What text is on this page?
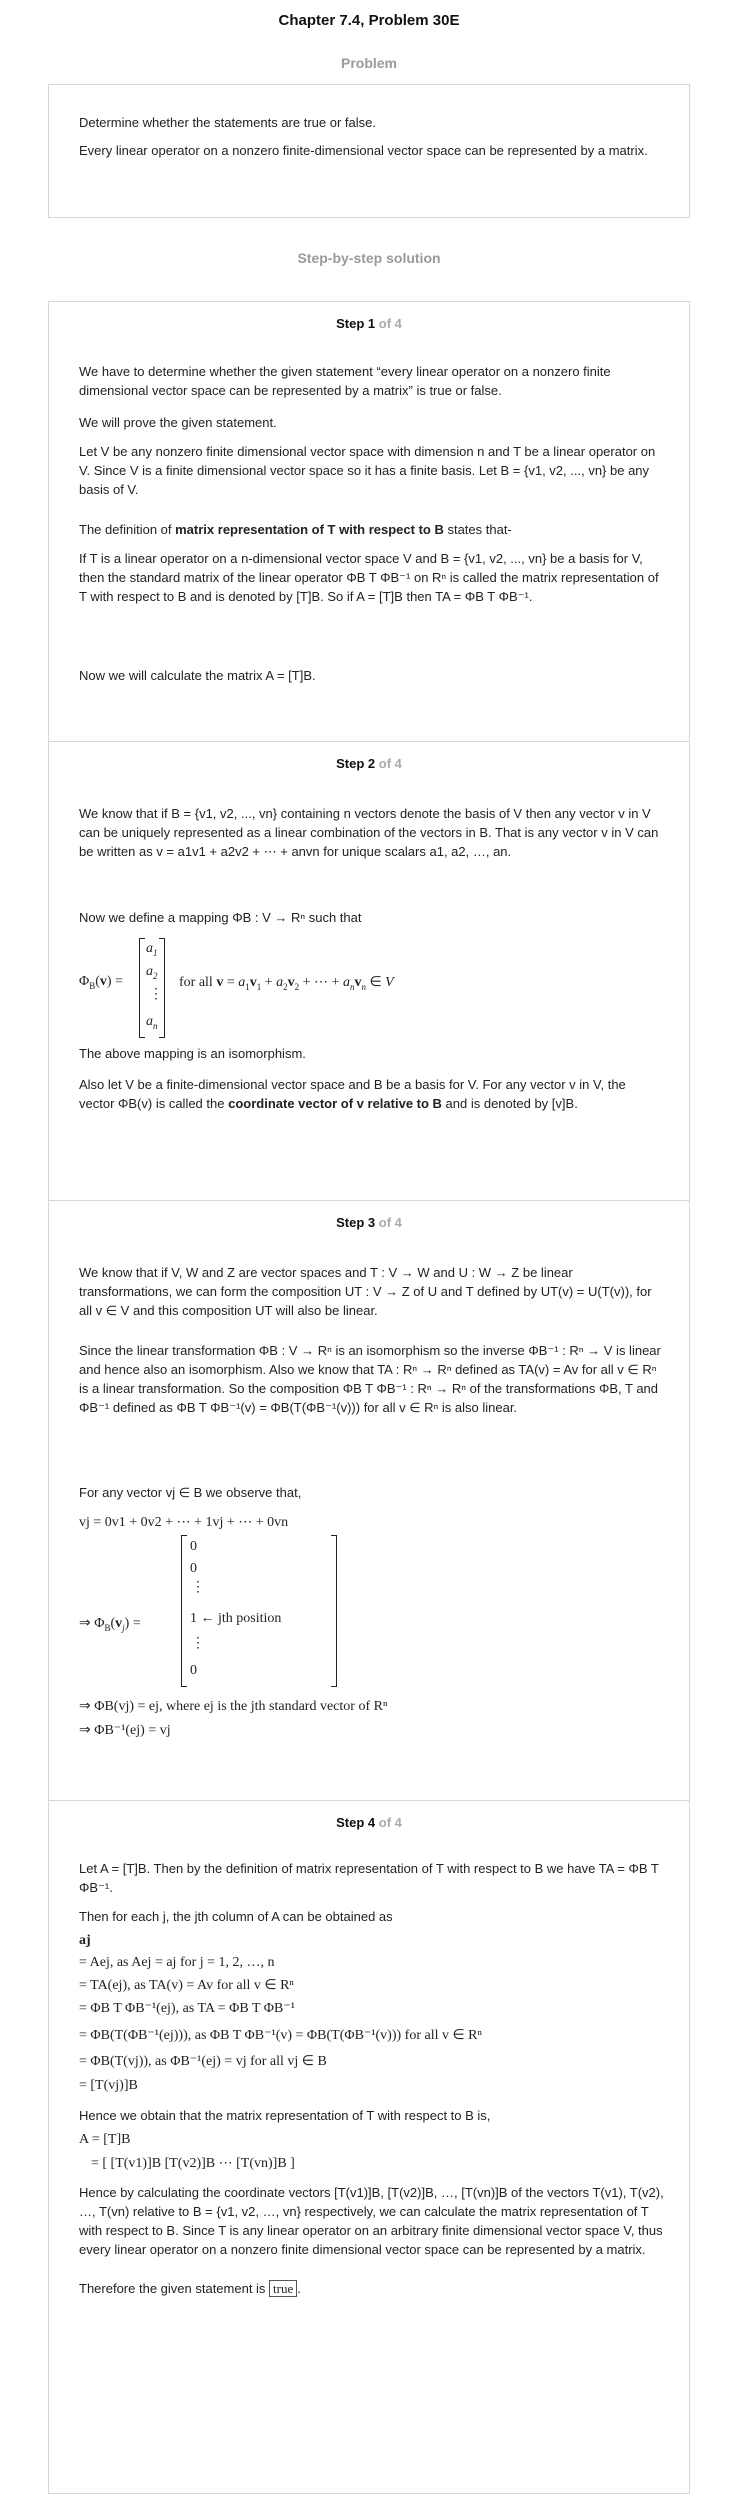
Chapter 7.4, Problem 30E
Problem
Determine whether the statements are true or false.
Every linear operator on a nonzero finite-dimensional vector space can be represented by a matrix.
Step-by-step solution
Step 1 of 4
We have to determine whether the given statement “every linear operator on a nonzero finite dimensional vector space can be represented by a matrix” is true or false.
We will prove the given statement.
Let V be any nonzero finite dimensional vector space with dimension n and T be a linear operator on V. Since V is a finite dimensional vector space so it has a finite basis. Let B = {v1, v2, ..., vn} be any basis of V.
The definition of matrix representation of T with respect to B states that-
If T is a linear operator on a n-dimensional vector space V and B = {v1, v2, ..., vn} be a basis for V, then the standard matrix of the linear operator ΦB T ΦB⁻¹ on Rⁿ is called the matrix representation of T with respect to B and is denoted by [T]B. So if A = [T]B then TA = ΦB T ΦB⁻¹.
Now we will calculate the matrix A = [T]B.
Step 2 of 4
We know that if B = {v1, v2, ..., vn} containing n vectors denote the basis of V then any vector v in V can be uniquely represented as a linear combination of the vectors in B. That is any vector v in V can be written as v = a1v1 + a2v2 + ⋯ + anvn for unique scalars a1, a2, …, an.
Now we define a mapping ΦB : V → Rⁿ such that
$\Phi_B(v)$ =
$a_1$
$a_2$
⋮
$a_n$
for all $v = a_1v_1 + a_2v_2$ + ⋯ + $a_nv_n$ ∈ V
The above mapping is an isomorphism.
Also let V be a finite-dimensional vector space and B be a basis for V. For any vector v in V, the vector ΦB(v) is called the coordinate vector of v relative to B and is denoted by [v]B.
Step 3 of 4
We know that if V, W and Z are vector spaces and T : V → W and U : W → Z be linear transformations, we can form the composition UT : V → Z of U and T defined by UT(v) = U(T(v)), for all v ∈ V and this composition UT will also be linear.
Since the linear transformation ΦB : V → Rⁿ is an isomorphism so the inverse ΦB⁻¹ : Rⁿ → V is linear and hence also an isomorphism. Also we know that TA : Rⁿ → Rⁿ defined as TA(v) = Av for all v ∈ Rⁿ is a linear transformation. So the composition ΦB T ΦB⁻¹ : Rⁿ → Rⁿ of the transformations ΦB, T and ΦB⁻¹ defined as ΦB T ΦB⁻¹(v) = ΦB(T(ΦB⁻¹(v))) for all v ∈ Rⁿ is also linear.
For any vector vj ∈ B we observe that,
vj = 0v1 + 0v2 + ⋯ + 1vj + ⋯ + 0vn
⇒ $\Phi_B(v_j)$ =
0
0
⋮
1 ← jth position
⋮
0
⇒ ΦB(vj) = ej, where ej is the jth standard vector of Rⁿ
⇒ ΦB⁻¹(ej) = vj
Step 4 of 4
Let A = [T]B. Then by the definition of matrix representation of T with respect to B we have TA = ΦB T ΦB⁻¹.
Then for each j, the jth column of A can be obtained as
aj
= Aej, as Aej = aj for j = 1, 2, …, n
= TA(ej), as TA(v) = Av for all v ∈ Rⁿ
= ΦB T ΦB⁻¹(ej), as TA = ΦB T ΦB⁻¹
= ΦB(T(ΦB⁻¹(ej))), as ΦB T ΦB⁻¹(v) = ΦB(T(ΦB⁻¹(v))) for all v ∈ Rⁿ
= ΦB(T(vj)), as ΦB⁻¹(ej) = vj for all vj ∈ B
= [T(vj)]B
Hence we obtain that the matrix representation of T with respect to B is,
A = [T]B
= [ [T(v1)]B [T(v2)]B ⋯ [T(vn)]B ]
Hence by calculating the coordinate vectors [T(v1)]B, [T(v2)]B, …, [T(vn)]B of the vectors T(v1), T(v2), …, T(vn) relative to B = {v1, v2, …, vn} respectively, we can calculate the matrix representation of T with respect to B. Since T is any linear operator on an arbitrary finite dimensional vector space V, thus every linear operator on a nonzero finite dimensional vector space can be represented by a matrix.
Therefore the given statement is true .
